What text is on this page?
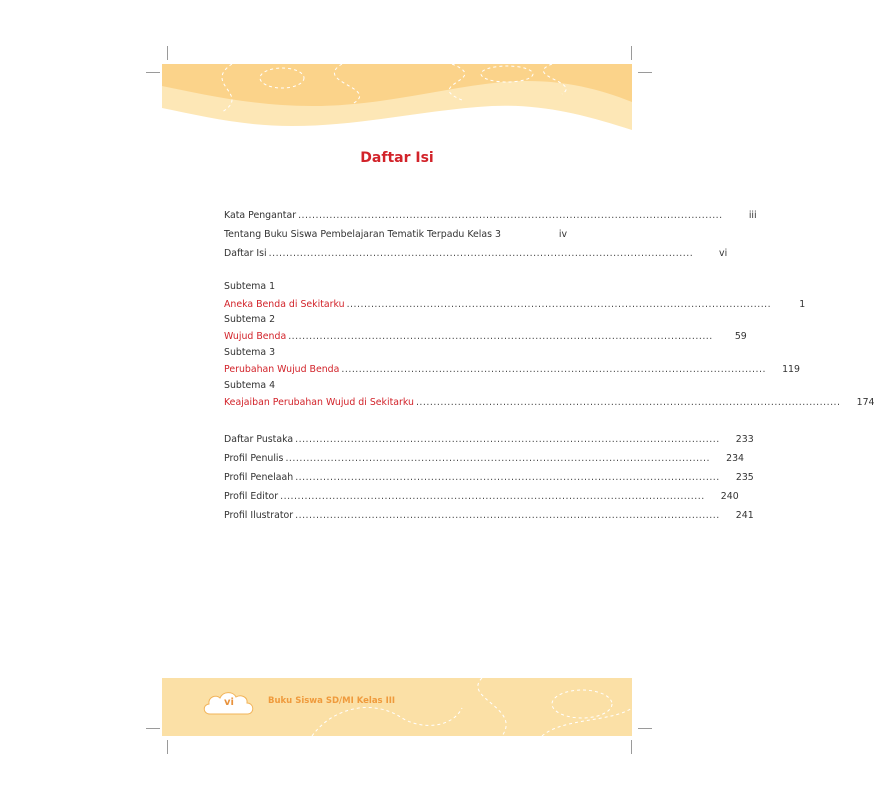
Daftar Isi
Kata Pengantar ..........................................................................................................................	iii
Tentang Buku Siswa Pembelajaran Tematik Terpadu Kelas 3	iv
Daftar Isi ..........................................................................................................................	vi
Subtema 1
Aneka Benda di Sekitarku ..........................................................................................................................	1
Subtema 2
Wujud Benda ..........................................................................................................................	59
Subtema 3
Perubahan Wujud Benda ..........................................................................................................................	119
Subtema 4
Keajaiban Perubahan Wujud di Sekitarku ..........................................................................................................................	174
Daftar Pustaka ..........................................................................................................................	233
Profil Penulis ..........................................................................................................................	234
Profil Penelaah ..........................................................................................................................	235
Profil Editor ..........................................................................................................................	240
Profil Ilustrator ..........................................................................................................................	241
vi	Buku Siswa SD/MI Kelas III
